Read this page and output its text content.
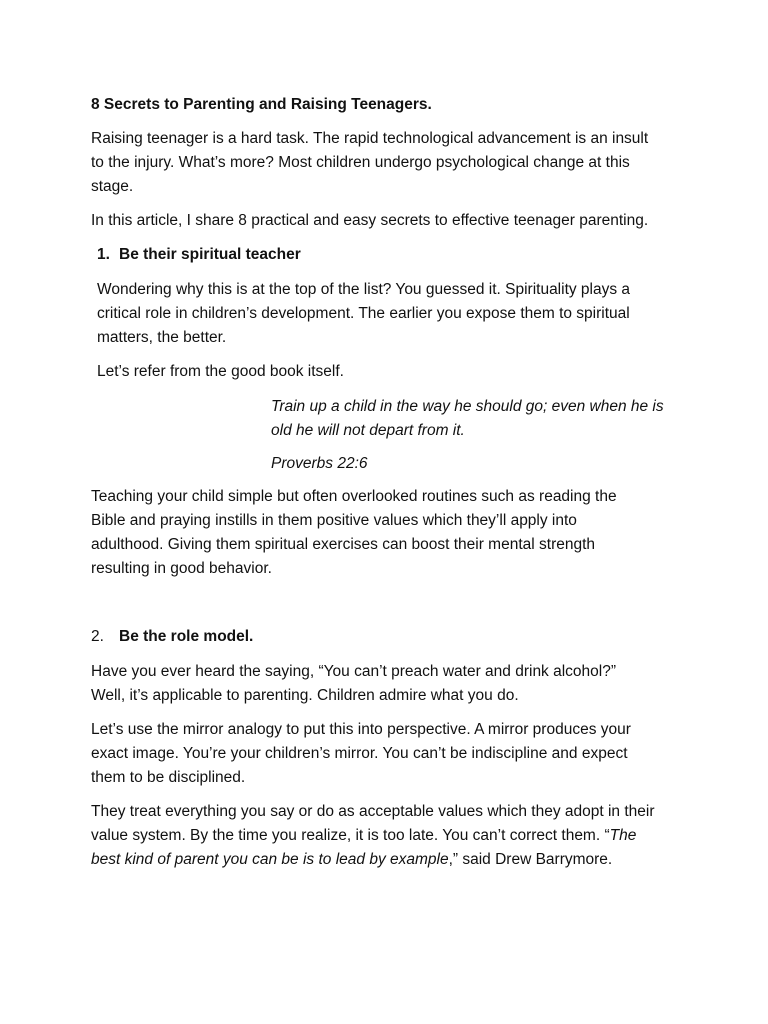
8 Secrets to Parenting and Raising Teenagers.
Raising teenager is a hard task. The rapid technological advancement is an insult
to the injury. What’s more? Most children undergo psychological change at this
stage.
In this article, I share 8 practical and easy secrets to effective teenager parenting.
1. Be their spiritual teacher
Wondering why this is at the top of the list? You guessed it. Spirituality plays a
critical role in children’s development. The earlier you expose them to spiritual
matters, the better.
Let’s refer from the good book itself.
Train up a child in the way he should go; even when he is
old he will not depart from it.
Proverbs 22:6
Teaching your child simple but often overlooked routines such as reading the
Bible and praying instills in them positive values which they’ll apply into
adulthood. Giving them spiritual exercises can boost their mental strength
resulting in good behavior.
2. Be the role model.
Have you ever heard the saying, “You can’t preach water and drink alcohol?”
Well, it’s applicable to parenting. Children admire what you do.
Let’s use the mirror analogy to put this into perspective. A mirror produces your
exact image. You’re your children’s mirror. You can’t be indiscipline and expect
them to be disciplined.
They treat everything you say or do as acceptable values which they adopt in their
value system. By the time you realize, it is too late. You can’t correct them. “The
best kind of parent you can be is to lead by example,” said Drew Barrymore.
